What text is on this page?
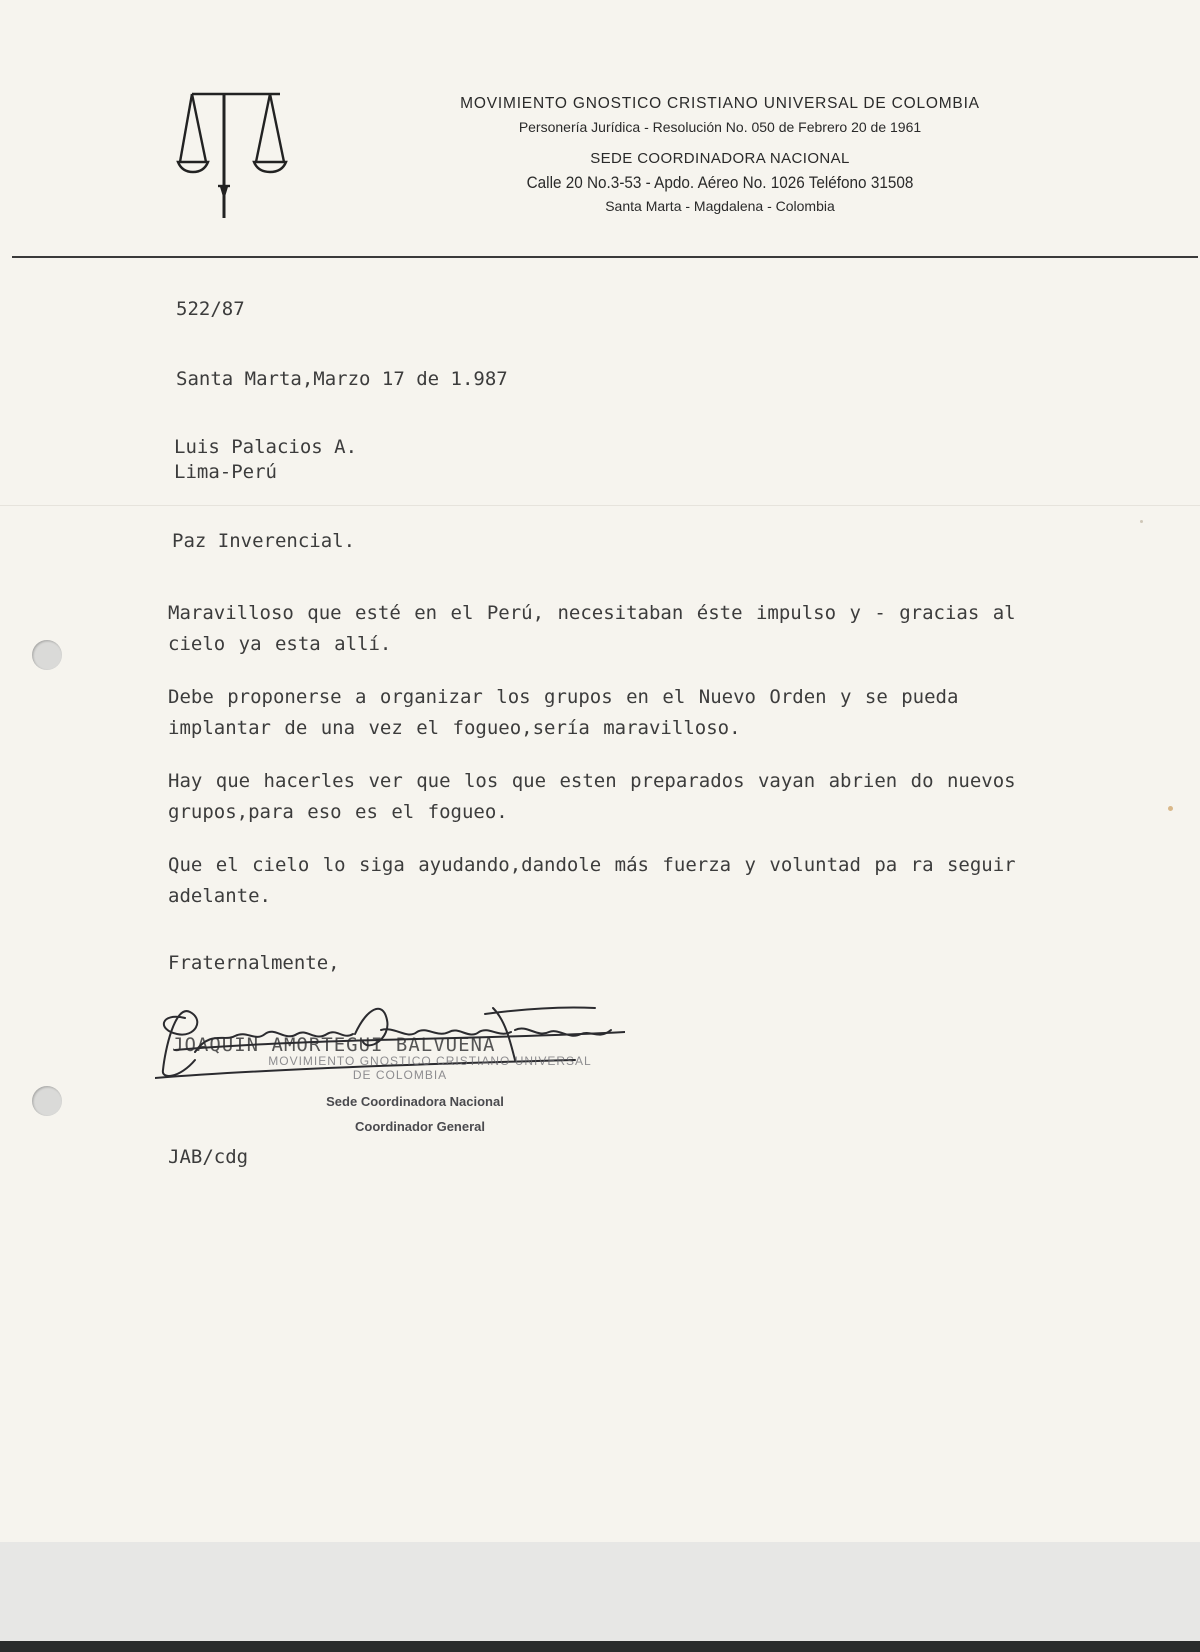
MOVIMIENTO GNOSTICO CRISTIANO UNIVERSAL DE COLOMBIA
Personería Jurídica - Resolución No. 050 de Febrero 20 de 1961
SEDE COORDINADORA NACIONAL
Calle 20 No.3-53 - Apdo. Aéreo No. 1026 Teléfono 31508
Santa Marta - Magdalena - Colombia
522/87
Santa Marta,Marzo 17 de 1.987
Luis Palacios A.
Lima-Perú
Paz Inverencial.

Maravilloso que esté en el Perú, necesitaban éste impulso y - gracias al cielo ya esta allí.

Debe proponerse a organizar los grupos en el Nuevo Orden y se pueda implantar de una vez el fogueo,sería maravilloso.

Hay que hacerles ver que los que esten preparados vayan abrien do nuevos grupos,para eso es el fogueo.

Que el cielo lo siga ayudando,dandole más fuerza y voluntad pa ra seguir adelante.

Fraternalmente,
JOAQUIN AMORTEGUI BALVUENA
MOVIMIENTO GNOSTICO CRISTIANO UNIVERSAL
DE COLOMBIA
Sede Coordinadora Nacional
Coordinador General
JAB/cdg
